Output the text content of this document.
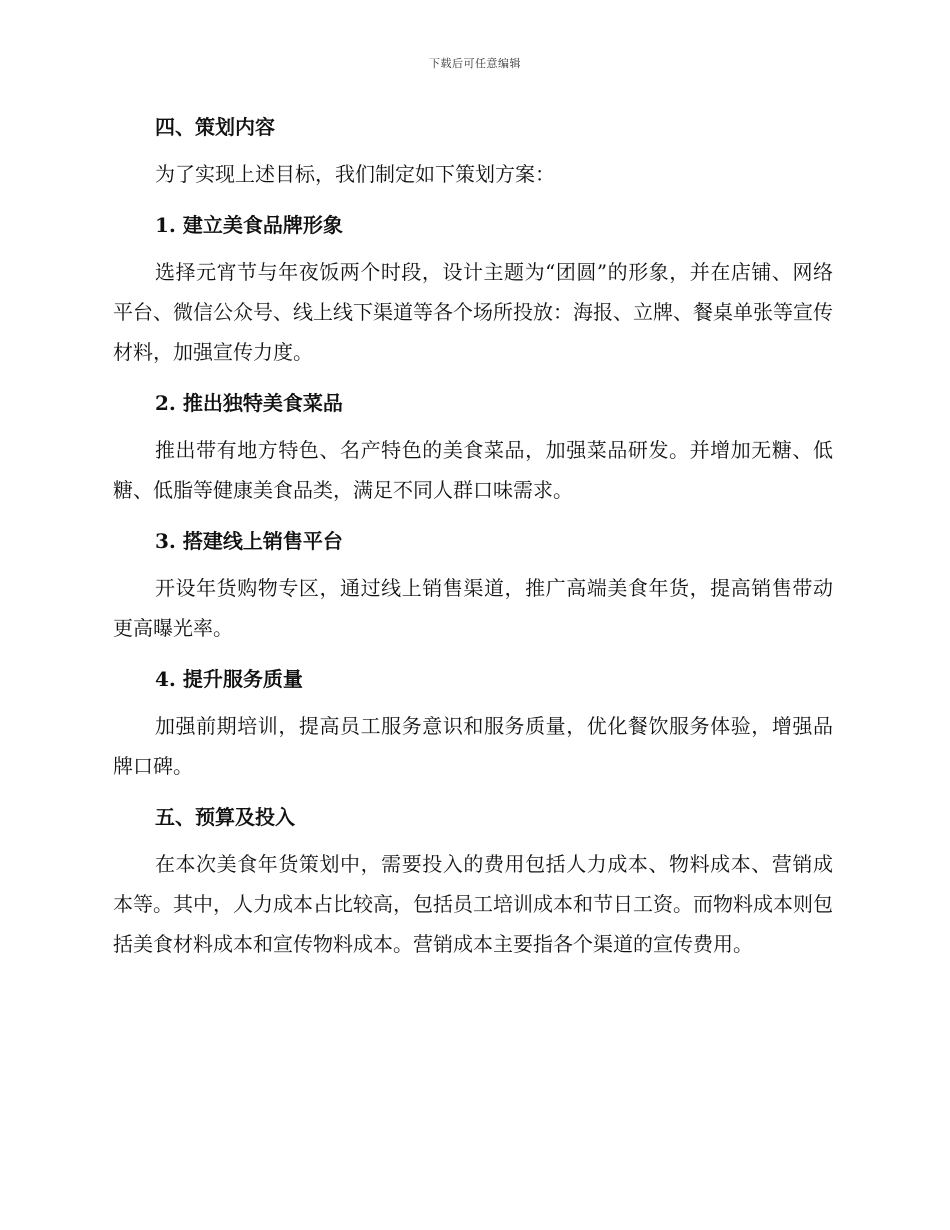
下载后可任意编辑
四、策划内容

为了实现上述目标，我们制定如下策划方案：

1. 建立美食品牌形象

选择元宵节与年夜饭两个时段，设计主题为“团圆”的形象，并在店铺、网络平台、微信公众号、线上线下渠道等各个场所投放：海报、立牌、餐桌单张等宣传材料，加强宣传力度。

2. 推出独特美食菜品

推出带有地方特色、名产特色的美食菜品，加强菜品研发。并增加无糖、低糖、低脂等健康美食品类，满足不同人群口味需求。

3. 搭建线上销售平台

开设年货购物专区，通过线上销售渠道，推广高端美食年货，提高销售带动更高曝光率。

4. 提升服务质量

加强前期培训，提高员工服务意识和服务质量，优化餐饮服务体验，增强品牌口碑。

五、预算及投入

在本次美食年货策划中，需要投入的费用包括人力成本、物料成本、营销成本等。其中，人力成本占比较高，包括员工培训成本和节日工资。而物料成本则包括美食材料成本和宣传物料成本。营销成本主要指各个渠道的宣传费用。
